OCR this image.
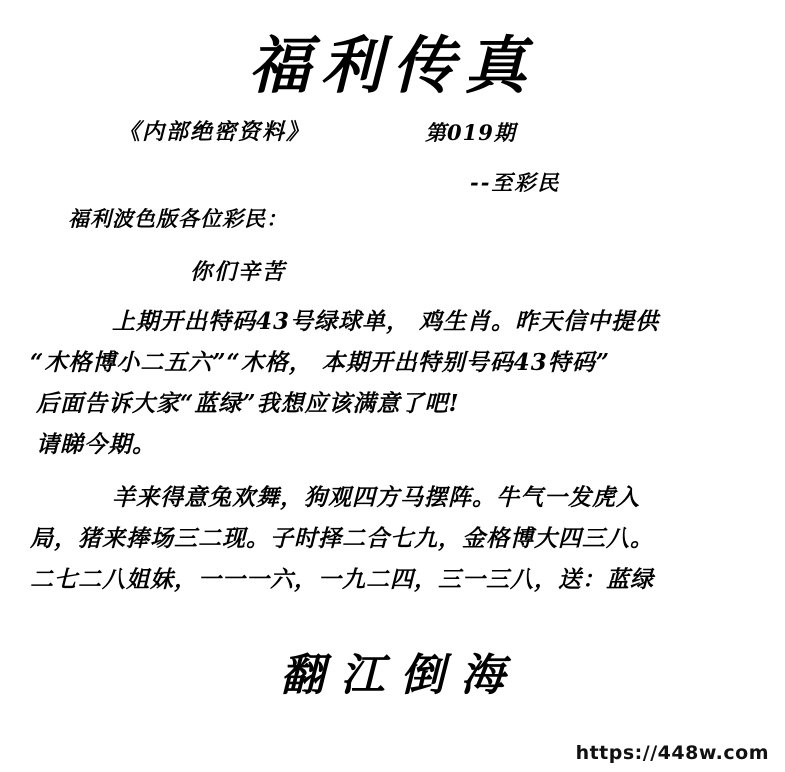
福利传真
《内部绝密资料》	第019期
--至彩民
福利波色版各位彩民：
你们辛苦
上期开出特码43号绿球单， 鸡生肖。昨天信中提供
“木格博小二五六”“木格， 本期开出特别号码43特码”
后面告诉大家“蓝绿”我想应该满意了吧!
请睇今期。
羊来得意兔欢舞，狗观四方马摆阵。牛气一发虎入
局，猪来捧场三二现。子时择二合七九，金格博大四三八。
二七二八姐妹，一一一六，一九二四，三一三八，送：蓝绿
翻江倒海
https://448w.com
